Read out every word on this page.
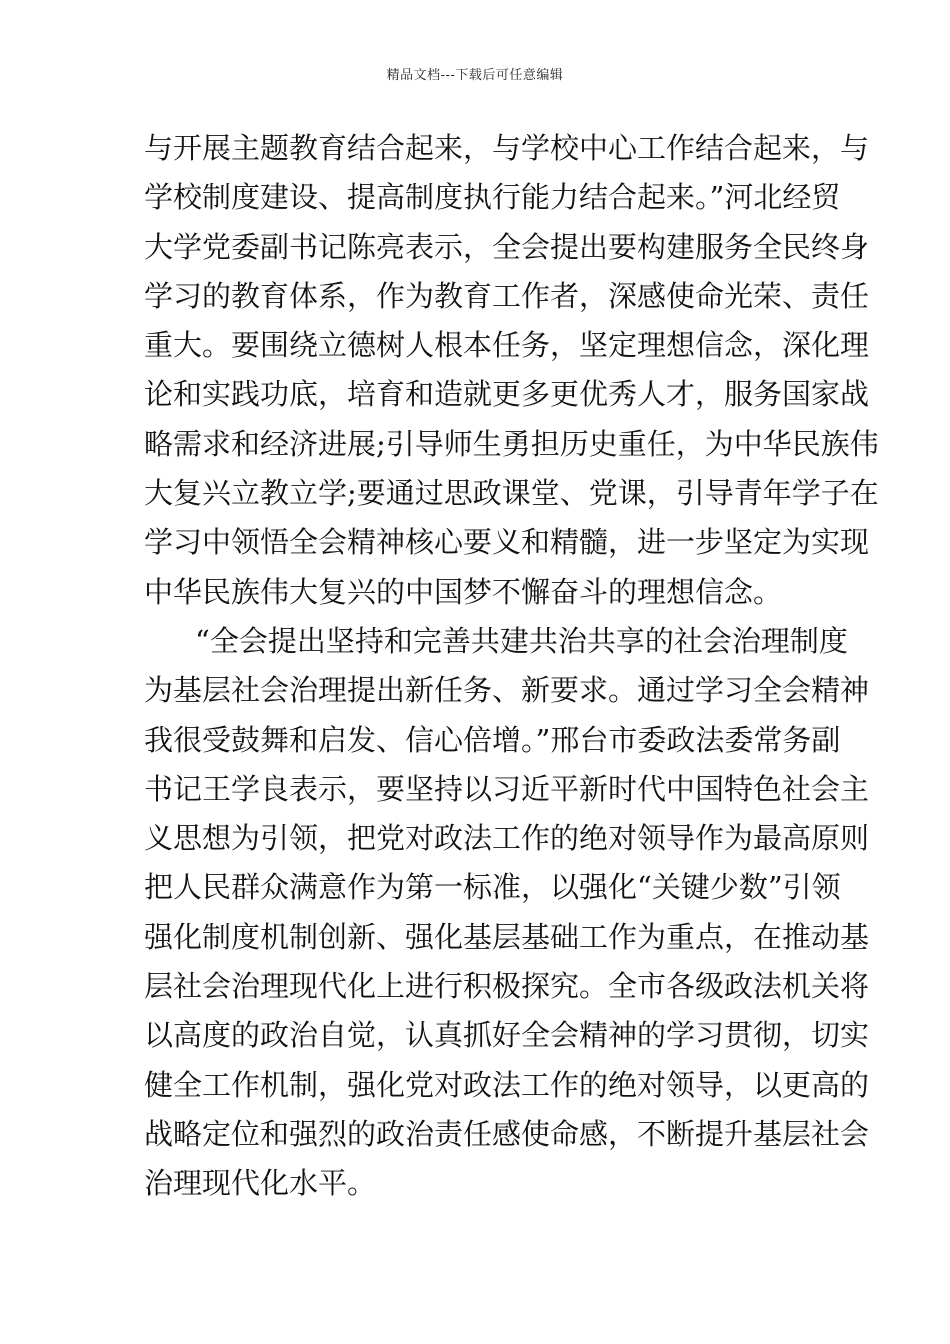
精品文档---下载后可任意编辑
与开展主题教育结合起来，与学校中心工作结合起来，与
学校制度建设、提高制度执行能力结合起来。”河北经贸
大学党委副书记陈亮表示，全会提出要构建服务全民终身
学习的教育体系，作为教育工作者，深感使命光荣、责任
重大。要围绕立德树人根本任务，坚定理想信念，深化理
论和实践功底，培育和造就更多更优秀人才，服务国家战
略需求和经济进展;引导师生勇担历史重任，为中华民族伟
大复兴立教立学;要通过思政课堂、党课，引导青年学子在
学习中领悟全会精神核心要义和精髓，进一步坚定为实现
中华民族伟大复兴的中国梦不懈奋斗的理想信念。
“全会提出坚持和完善共建共治共享的社会治理制度
为基层社会治理提出新任务、新要求。通过学习全会精神
我很受鼓舞和启发、信心倍增。”邢台市委政法委常务副
书记王学良表示，要坚持以习近平新时代中国特色社会主
义思想为引领，把党对政法工作的绝对领导作为最高原则
把人民群众满意作为第一标准，以强化“关键少数”引领
强化制度机制创新、强化基层基础工作为重点，在推动基
层社会治理现代化上进行积极探究。全市各级政法机关将
以高度的政治自觉，认真抓好全会精神的学习贯彻，切实
健全工作机制，强化党对政法工作的绝对领导，以更高的
战略定位和强烈的政治责任感使命感，不断提升基层社会
治理现代化水平。
